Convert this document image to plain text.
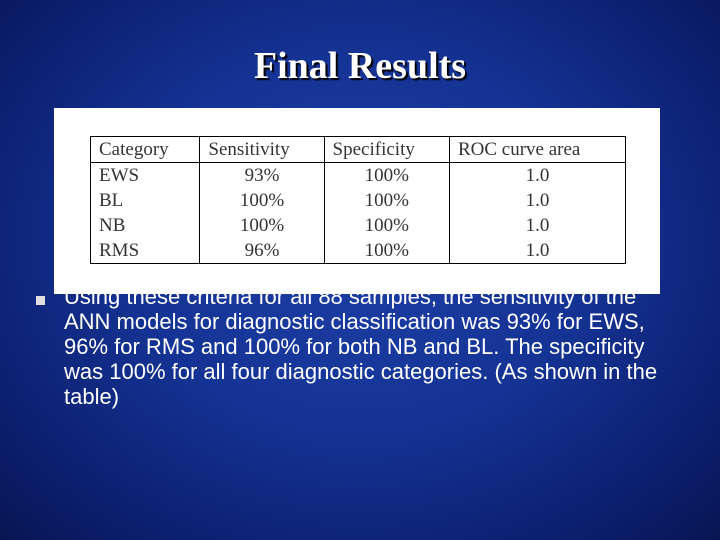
Final Results
Category	Sensitivity	Specificity	ROC curve area
EWS	93%	100%	1.0
BL	100%	100%	1.0
NB	100%	100%	1.0
RMS	96%	100%	1.0
Using these criteria for all 88 samples, the sensitivity of the ANN models for diagnostic classification was 93% for EWS, 96% for RMS and 100% for both NB and BL. The specificity was 100% for all four diagnostic categories. (As shown in the table)
